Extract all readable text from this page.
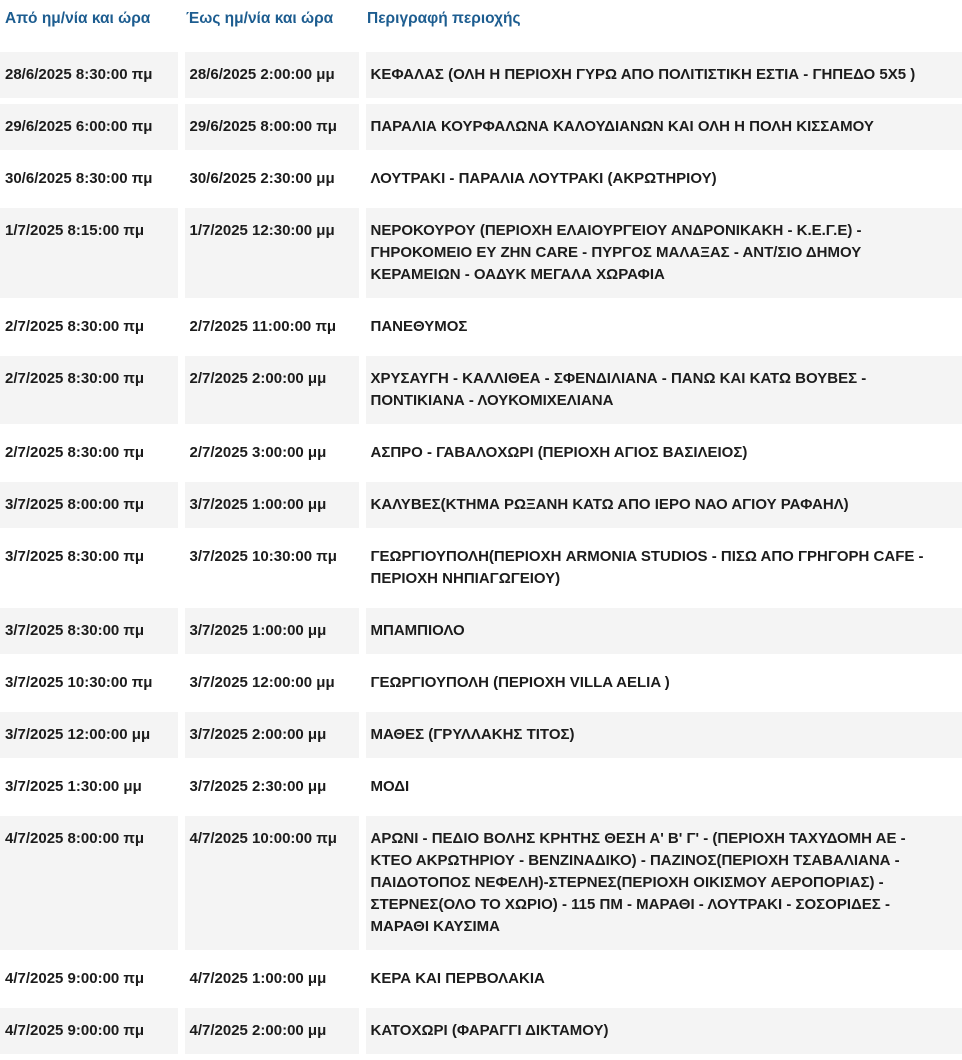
Από ημ/νία και ώρα	Έως ημ/νία και ώρα	Περιγραφή περιοχής
28/6/2025 8:30:00 πμ	28/6/2025 2:00:00 μμ	ΚΕΦΑΛΑΣ (ΟΛΗ Η ΠΕΡΙΟΧΗ ΓΥΡΩ ΑΠΟ ΠΟΛΙΤΙΣΤΙΚΗ ΕΣΤΙΑ - ΓΗΠΕΔΟ 5Χ5 )
29/6/2025 6:00:00 πμ	29/6/2025 8:00:00 πμ	ΠΑΡΑΛΙΑ ΚΟΥΡΦΑΛΩΝΑ ΚΑΛΟΥΔΙΑΝΩΝ ΚΑΙ ΟΛΗ Η ΠΟΛΗ ΚΙΣΣΑΜΟΥ
30/6/2025 8:30:00 πμ	30/6/2025 2:30:00 μμ	ΛΟΥΤΡΑΚΙ - ΠΑΡΑΛΙΑ ΛΟΥΤΡΑΚΙ (ΑΚΡΩΤΗΡΙΟΥ)
1/7/2025 8:15:00 πμ	1/7/2025 12:30:00 μμ	ΝΕΡΟΚΟΥΡΟΥ (ΠΕΡΙΟΧΗ ΕΛΑΙΟΥΡΓΕΙΟΥ ΑΝΔΡΟΝΙΚΑΚΗ - Κ.Ε.Γ.Ε) - ΓΗΡΟΚΟΜΕΙΟ ΕΥ ΖΗΝ CARE - ΠΥΡΓΟΣ ΜΑΛΑΞΑΣ - ΑΝΤ/ΣΙΟ ΔΗΜΟΥ ΚΕΡΑΜΕΙΩΝ - ΟΑΔΥΚ ΜΕΓΑΛΑ ΧΩΡΑΦΙΑ
2/7/2025 8:30:00 πμ	2/7/2025 11:00:00 πμ	ΠΑΝΕΘΥΜΟΣ
2/7/2025 8:30:00 πμ	2/7/2025 2:00:00 μμ	ΧΡΥΣΑΥΓΗ - ΚΑΛΛΙΘΕΑ - ΣΦΕΝΔΙΛΙΑΝΑ - ΠΑΝΩ ΚΑΙ ΚΑΤΩ ΒΟΥΒΕΣ - ΠΟΝΤΙΚΙΑΝΑ - ΛΟΥΚΟΜΙΧΕΛΙΑΝΑ
2/7/2025 8:30:00 πμ	2/7/2025 3:00:00 μμ	ΑΣΠΡΟ - ΓΑΒΑΛΟΧΩΡΙ (ΠΕΡΙΟΧΗ ΑΓΙΟΣ ΒΑΣΙΛΕΙΟΣ)
3/7/2025 8:00:00 πμ	3/7/2025 1:00:00 μμ	ΚΑΛΥΒΕΣ(ΚΤΗΜΑ ΡΩΞΑΝΗ ΚΑΤΩ ΑΠΟ ΙΕΡΟ ΝΑΟ ΑΓΙΟΥ ΡΑΦΑΗΛ)
3/7/2025 8:30:00 πμ	3/7/2025 10:30:00 πμ	ΓΕΩΡΓΙΟΥΠΟΛΗ(ΠΕΡΙΟΧΗ ARMONIA STUDIOS - ΠΙΣΩ ΑΠΟ ΓΡΗΓΟΡΗ CAFE - ΠΕΡΙΟΧΗ ΝΗΠΙΑΓΩΓΕΙΟΥ)
3/7/2025 8:30:00 πμ	3/7/2025 1:00:00 μμ	ΜΠΑΜΠΙΟΛΟ
3/7/2025 10:30:00 πμ	3/7/2025 12:00:00 μμ	ΓΕΩΡΓΙΟΥΠΟΛΗ (ΠΕΡΙΟΧΗ VILLA AELIA )
3/7/2025 12:00:00 μμ	3/7/2025 2:00:00 μμ	ΜΑΘΕΣ (ΓΡΥΛΛΑΚΗΣ ΤΙΤΟΣ)
3/7/2025 1:30:00 μμ	3/7/2025 2:30:00 μμ	ΜΟΔΙ
4/7/2025 8:00:00 πμ	4/7/2025 10:00:00 πμ	ΑΡΩΝΙ - ΠΕΔΙΟ ΒΟΛΗΣ ΚΡΗΤΗΣ ΘΕΣΗ Α' Β' Γ' - (ΠΕΡΙΟΧΗ ΤΑΧΥΔΟΜΗ ΑΕ - ΚΤΕΟ ΑΚΡΩΤΗΡΙΟΥ - ΒΕΝΖΙΝΑΔΙΚΟ) - ΠΑΖΙΝΟΣ(ΠΕΡΙΟΧΗ ΤΣΑΒΑΛΙΑΝΑ - ΠΑΙΔΟΤΟΠΟΣ ΝΕΦΕΛΗ)-ΣΤΕΡΝΕΣ(ΠΕΡΙΟΧΗ ΟΙΚΙΣΜΟΥ ΑΕΡΟΠΟΡΙΑΣ) - ΣΤΕΡΝΕΣ(ΟΛΟ ΤΟ ΧΩΡΙΟ) - 115 ΠΜ - ΜΑΡΑΘΙ - ΛΟΥΤΡΑΚΙ - ΣΟΣΟΡΙΔΕΣ - ΜΑΡΑΘΙ ΚΑΥΣΙΜΑ
4/7/2025 9:00:00 πμ	4/7/2025 1:00:00 μμ	ΚΕΡΑ ΚΑΙ ΠΕΡΒΟΛΑΚΙΑ
4/7/2025 9:00:00 πμ	4/7/2025 2:00:00 μμ	ΚΑΤΟΧΩΡΙ (ΦΑΡΑΓΓΙ ΔΙΚΤΑΜΟΥ)
